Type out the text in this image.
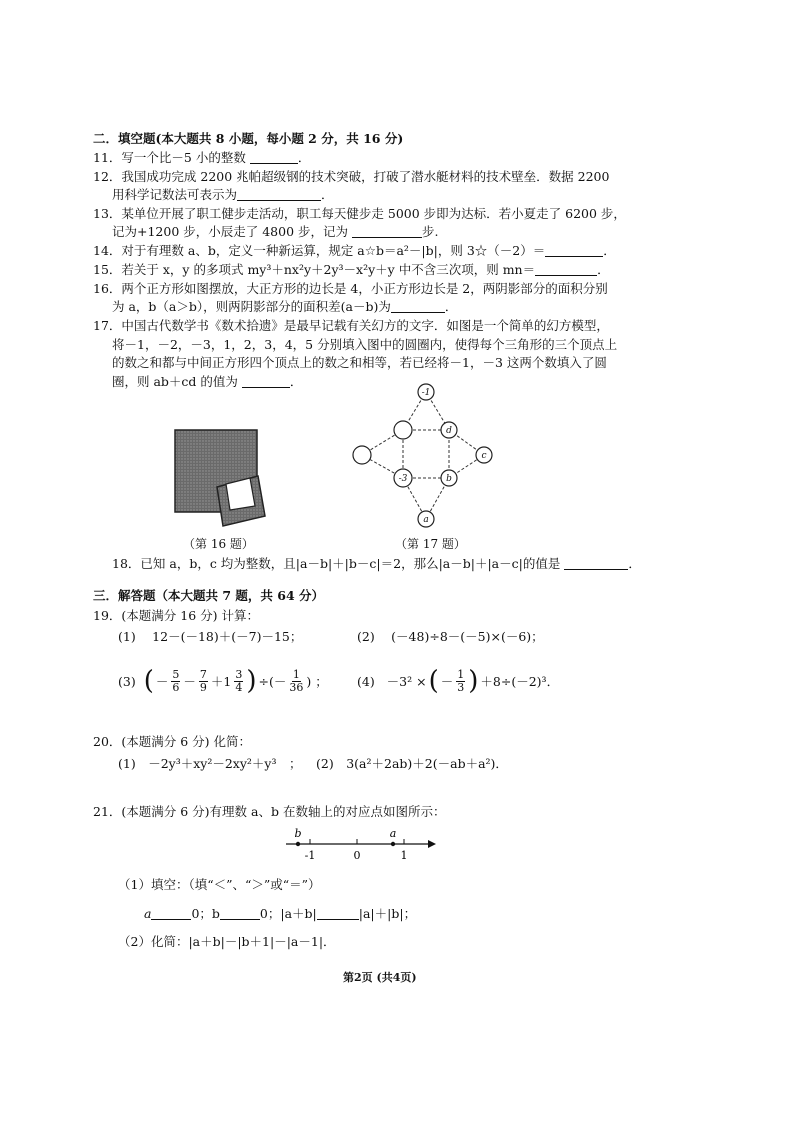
二．填空题(本大题共 8 小题，每小题 2 分，共 16 分)
11．写一个比－5 小的整数	．
12．我国成功完成 2200 兆帕超级钢的技术突破，打破了潜水艇材料的技术壁垒．数据 2200
用科学记数法可表示为	．
13．某单位开展了职工健步走活动，职工每天健步走 5000 步即为达标．若小夏走了 6200 步，
记为+1200 步，小辰走了 4800 步，记为	步.
14．对于有理数 a、b，定义一种新运算，规定 a☆b＝a²－|b|，则 3☆（－2）＝	．
15．若关于 x，y 的多项式 my³＋nx²y＋2y³－x²y＋y 中不含三次项，则 mn＝	．
16．两个正方形如图摆放，大正方形的边长是 4，小正方形边长是 2，两阴影部分的面积分别
为 a，b（a＞b），则两阴影部分的面积差(a－b)为	．
17．中国古代数学书《数术拾遗》是最早记载有关幻方的文字．如图是一个简单的幻方模型，
将－1，－2，－3，1，2，3，4，5 分别填入图中的圆圈内，使得每个三角形的三个顶点上
的数之和都与中间正方形四个顶点上的数之和相等，若已经将－1，－3 这两个数填入了圆
圈，则 ab＋cd 的值为	．
（第 16 题）
-1
d
c
-3	b
a
（第 17 题）
18．已知 a，b，c 均为整数，且|a－b|＋|b－c|＝2，那么|a－b|＋|a－c|的值是	．
三．解答题（本大题共 7 题，共 64 分）
19．(本题满分 16 分) 计算：
(1)　 12－(－18)＋(－7)－15；	(2)　 (－48)÷8－(－5)×(－6)；
(3)
( － $\frac{5}{6} - \frac{7}{9} +1 \frac{3}{4}$ ) ÷(－ $\frac{1}{36}$ ) ； (4)
－3² × ( － $\frac{1}{3}$ ) ＋8÷(－2)³．
20．(本题满分 6 分) 化简：
(1)　－2y³＋xy²－2xy²＋y³　； (2)　3(a²＋2ab)＋2(－ab＋a²)．
21．(本题满分 6 分)有理数 a、b 在数轴上的对应点如图所示：
b	a
-1	0	1
（1）填空：（填“＜”、“＞”或“＝”）
a	0；b	0；|a＋b|	|a|＋|b|；
（2）化简：|a＋b|－|b＋1|－|a－1|．
第2页 (共4页)
